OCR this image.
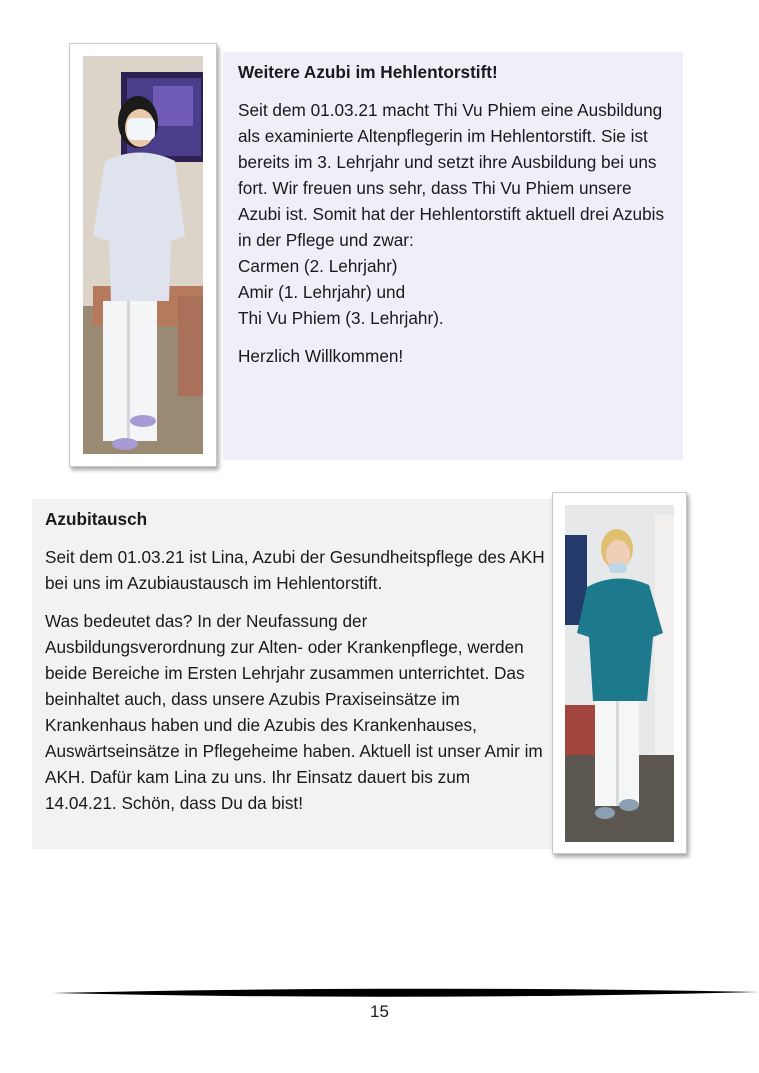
Weitere Azubi im Hehlentorstift!

Seit dem 01.03.21 macht Thi Vu Phiem eine Ausbildung als examinierte Altenpflegerin im Hehlentorstift. Sie ist bereits im 3. Lehrjahr und setzt ihre Ausbildung bei uns fort. Wir freuen uns sehr, dass Thi Vu Phiem unsere Azubi ist. Somit hat der Hehlentorstift aktuell drei Azubis in der Pflege und zwar:
Carmen (2. Lehrjahr)
Amir (1. Lehrjahr) und
Thi Vu Phiem (3. Lehrjahr).

Herzlich Willkommen!

Azubitausch

Seit dem 01.03.21 ist Lina, Azubi der Gesundheitspflege des AKH bei uns im Azubiaustausch im Hehlentorstift.

Was bedeutet das? In der Neufassung der Ausbildungsverordnung zur Alten- oder Krankenpflege, werden beide Bereiche im Ersten Lehrjahr zusammen unterrichtet. Das beinhaltet auch, dass unsere Azubis Praxiseinsätze im Krankenhaus haben und die Azubis des Krankenhauses, Auswärtseinsätze in Pflegeheime haben. Aktuell ist unser Amir im AKH. Dafür kam Lina zu uns. Ihr Einsatz dauert bis zum 14.04.21. Schön, dass Du da bist!

15
